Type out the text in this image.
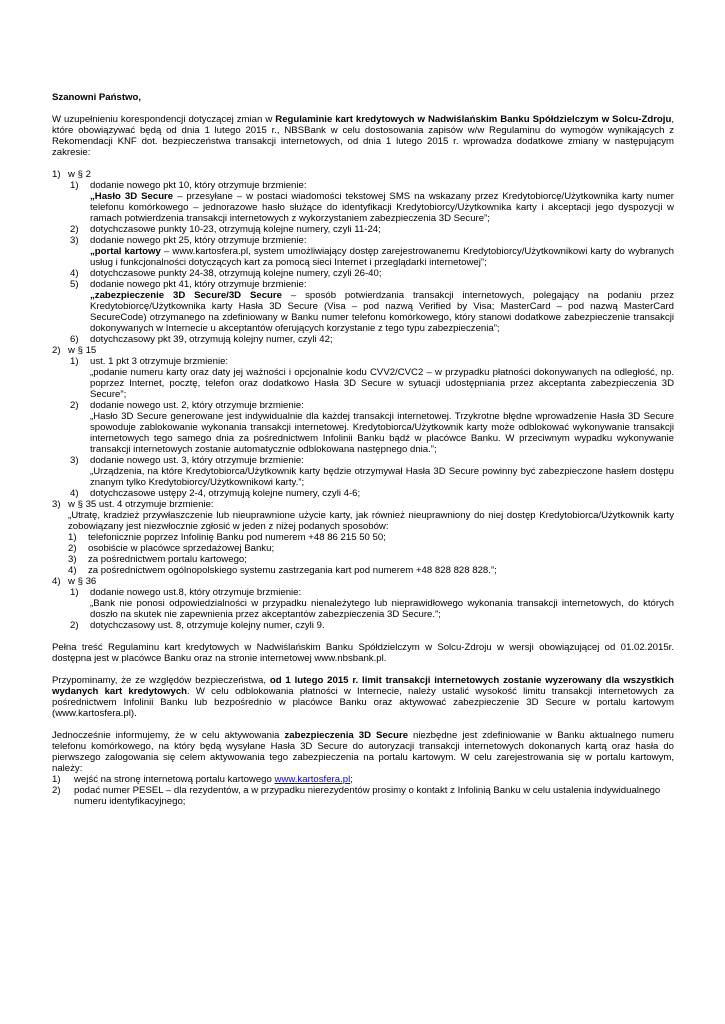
Szanowni Państwo,

W uzupełnieniu korespondencji dotyczącej zmian w Regulaminie kart kredytowych w Nadwiślańskim Banku Spółdzielczym w Solcu-Zdroju, które obowiązywać będą od dnia 1 lutego 2015 r., NBSBank w celu dostosowania zapisów w/w Regulaminu do wymogów wynikających z Rekomendacji KNF dot. bezpieczeństwa transakcji internetowych, od dnia 1 lutego 2015 r. wprowadza dodatkowe zmiany w następującym zakresie:

1) w § 2
1)	dodanie nowego pkt 10, który otrzymuje brzmienie:

„Hasło 3D Secure – przesyłane – w postaci wiadomości tekstowej SMS na wskazany przez Kredytobiorcę/Użytkownika karty numer telefonu komórkowego – jednorazowe hasło służące do identyfikacji Kredytobiorcy/Użytkownika karty i akceptacji jego dyspozycji w ramach potwierdzenia transakcji internetowych z wykorzystaniem zabezpieczenia 3D Secure”;

2)	dotychczasowe punkty 10-23, otrzymują kolejne numery, czyli 11-24;

3)	dodanie nowego pkt 25, który otrzymuje brzmienie:

„portal kartowy – www.kartosfera.pl, system umożliwiający dostęp zarejestrowanemu Kredytobiorcy/Użytkownikowi karty do wybranych usług i funkcjonalności dotyczących kart za pomocą sieci Internet i przeglądarki internetowej”;

4)	dotychczasowe punkty 24-38, otrzymują kolejne numery, czyli 26-40;

5)	dodanie nowego pkt 41, który otrzymuje brzmienie:

„zabezpieczenie 3D Secure/3D Secure – sposób potwierdzania transakcji internetowych, polegający na podaniu przez Kredytobiorcę/Użytkownika karty Hasła 3D Secure (Visa – pod nazwą Verified by Visa; MasterCard – pod nazwą MasterCard SecureCode) otrzymanego na zdefiniowany w Banku numer telefonu komórkowego, który stanowi dodatkowe zabezpieczenie transakcji dokonywanych w Internecie u akceptantów oferujących korzystanie z tego typu zabezpieczenia”;

6)	dotychczasowy pkt 39, otrzymują kolejny numer, czyli 42;

2) w § 15
1)	ust. 1 pkt 3 otrzymuje brzmienie:

„podanie numeru karty oraz daty jej ważności i opcjonalnie kodu CVV2/CVC2 – w przypadku płatności dokonywanych na odległość, np. poprzez Internet, pocztę, telefon oraz dodatkowo Hasła 3D Secure w sytuacji udostępniania przez akceptanta zabezpieczenia 3D Secure”;

2)	dodanie nowego ust. 2, który otrzymuje brzmienie:

„Hasło 3D Secure generowane jest indywidualnie dla każdej transakcji internetowej. Trzykrotne błędne wprowadzenie Hasła 3D Secure spowoduje zablokowanie wykonania transakcji internetowej. Kredytobiorca/Użytkownik karty może odblokować wykonywanie transakcji internetowych tego samego dnia za pośrednictwem Infolinii Banku bądź w placówce Banku. W przeciwnym wypadku wykonywanie transakcji internetowych zostanie automatycznie odblokowana następnego dnia.”;

3)	dodanie nowego ust. 3, który otrzymuje brzmienie:

„Urządzenia, na które Kredytobiorca/Użytkownik karty będzie otrzymywał Hasła 3D Secure powinny być zabezpieczone hasłem dostępu znanym tylko Kredytobiorcy/Użytkownikowi karty.”;

4)	dotychczasowe ustępy 2-4, otrzymują kolejne numery, czyli 4-6;

3) w § 35 ust. 4 otrzymuje brzmienie:

„Utratę, kradzież przywłaszczenie lub nieuprawnione użycie karty, jak również nieuprawniony do niej dostęp Kredytobiorca/Użytkownik karty zobowiązany jest niezwłocznie zgłosić w jeden z niżej podanych sposobów:

1)	telefonicznie poprzez Infolinię Banku pod numerem +48 86 215 50 50;

2)	osobiście w placówce sprzedażowej Banku;

3)	za pośrednictwem portalu kartowego;

4)	za pośrednictwem ogólnopolskiego systemu zastrzegania kart pod numerem +48 828 828 828.”;

4) w § 36
1)	dodanie nowego ust.8, który otrzymuje brzmienie:

„Bank nie ponosi odpowiedzialności w przypadku nienależytego lub nieprawidłowego wykonania transakcji internetowych, do których doszło na skutek nie zapewnienia przez akceptantów zabezpieczenia 3D Secure.”;

2)	dotychczasowy ust. 8, otrzymuje kolejny numer, czyli 9.

Pełna treść Regulaminu kart kredytowych w Nadwiślańskim Banku Spółdzielczym w Solcu-Zdroju w wersji obowiązującej od 01.02.2015r. dostępna jest w placówce Banku oraz na stronie internetowej www.nbsbank.pl.

Przypominamy, że ze względów bezpieczeństwa, od 1 lutego 2015 r. limit transakcji internetowych zostanie wyzerowany dla wszystkich wydanych kart kredytowych. W celu odblokowania płatności w Internecie, należy ustalić wysokość limitu transakcji internetowych za pośrednictwem Infolinii Banku lub bezpośrednio w placówce Banku oraz aktywować zabezpieczenie 3D Secure w portalu kartowym (www.kartosfera.pl).

Jednocześnie informujemy, że w celu aktywowania zabezpieczenia 3D Secure niezbędne jest zdefiniowanie w Banku aktualnego numeru telefonu komórkowego, na który będą wysyłane Hasła 3D Secure do autoryzacji transakcji internetowych dokonanych kartą oraz hasła do pierwszego zalogowania się celem aktywowania tego zabezpieczenia na portalu kartowym. W celu zarejestrowania się w portalu kartowym, należy:

1)	wejść na stronę internetową portalu kartowego www.kartosfera.pl;

2)	podać numer PESEL – dla rezydentów, a w przypadku nierezydentów prosimy o kontakt z Infolinią Banku w celu ustalenia indywidualnego numeru identyfikacyjnego;
